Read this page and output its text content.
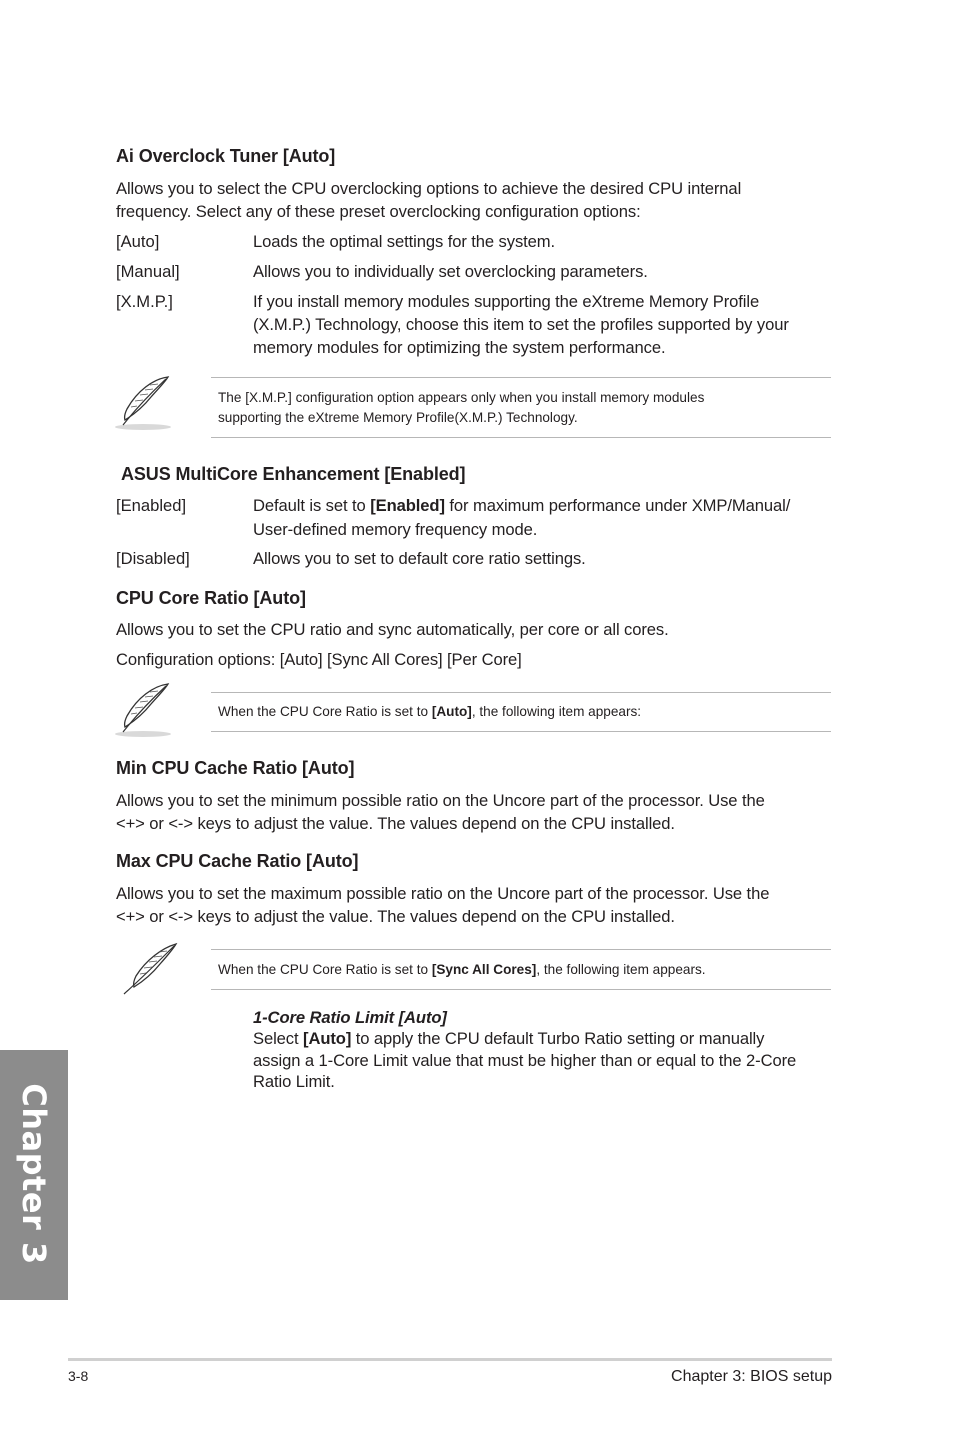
Ai Overclock Tuner [Auto]
Allows you to select the CPU overclocking options to achieve the desired CPU internal
frequency. Select any of these preset overclocking configuration options:
[Auto]	Loads the optimal settings for the system.
[Manual]	Allows you to individually set overclocking parameters.
[X.M.P.]	If you install memory modules supporting the eXtreme Memory Profile
(X.M.P.) Technology, choose this item to set the profiles supported by your
memory modules for optimizing the system performance.
The [X.M.P.] configuration option appears only when you install memory modules
supporting the eXtreme Memory Profile(X.M.P.) Technology.
ASUS MultiCore Enhancement [Enabled]
[Enabled]	Default is set to [Enabled] for maximum performance under XMP/Manual/
User-defined memory frequency mode.
[Disabled]	Allows you to set to default core ratio settings.
CPU Core Ratio [Auto]
Allows you to set the CPU ratio and sync automatically, per core or all cores.
Configuration options: [Auto] [Sync All Cores] [Per Core]
When the CPU Core Ratio is set to [Auto], the following item appears:
Min CPU Cache Ratio [Auto]
Allows you to set the minimum possible ratio on the Uncore part of the processor. Use the
<+> or <-> keys to adjust the value. The values depend on the CPU installed.
Max CPU Cache Ratio [Auto]
Allows you to set the maximum possible ratio on the Uncore part of the processor. Use the
<+> or <-> keys to adjust the value. The values depend on the CPU installed.
When the CPU Core Ratio is set to [Sync All Cores], the following item appears.
1-Core Ratio Limit [Auto]
Select [Auto] to apply the CPU default Turbo Ratio setting or manually
assign a 1-Core Limit value that must be higher than or equal to the 2-Core
Ratio Limit.
Chapter 3
3-8	Chapter 3: BIOS setup
